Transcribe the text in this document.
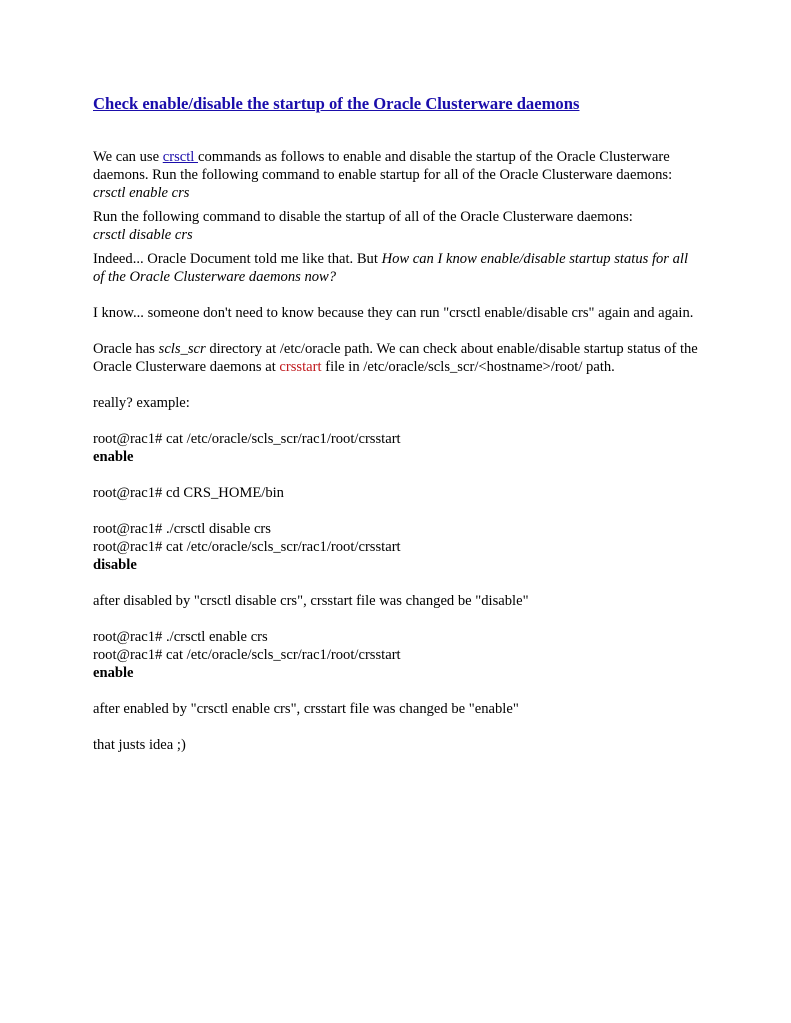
Check enable/disable the startup of the Oracle Clusterware daemons

We can use crsctl commands as follows to enable and disable the startup of the Oracle Clusterware daemons. Run the following command to enable startup for all of the Oracle Clusterware daemons:
crsctl enable crs

Run the following command to disable the startup of all of the Oracle Clusterware daemons:
crsctl disable crs

Indeed... Oracle Document told me like that. But How can I know enable/disable startup status for all of the Oracle Clusterware daemons now?

I know... someone don't need to know because they can run "crsctl enable/disable crs" again and again.

Oracle has scls_scr directory at /etc/oracle path. We can check about enable/disable startup status of the Oracle Clusterware daemons at crsstart file in /etc/oracle/scls_scr/<hostname>/root/ path.

really? example:

root@rac1# cat /etc/oracle/scls_scr/rac1/root/crsstart
enable

root@rac1# cd CRS_HOME/bin

root@rac1# ./crsctl disable crs
root@rac1# cat /etc/oracle/scls_scr/rac1/root/crsstart
disable

after disabled by "crsctl disable crs", crsstart file was changed be "disable"

root@rac1# ./crsctl enable crs
root@rac1# cat /etc/oracle/scls_scr/rac1/root/crsstart
enable

after enabled by "crsctl enable crs", crsstart file was changed be "enable"

that justs idea ;)
